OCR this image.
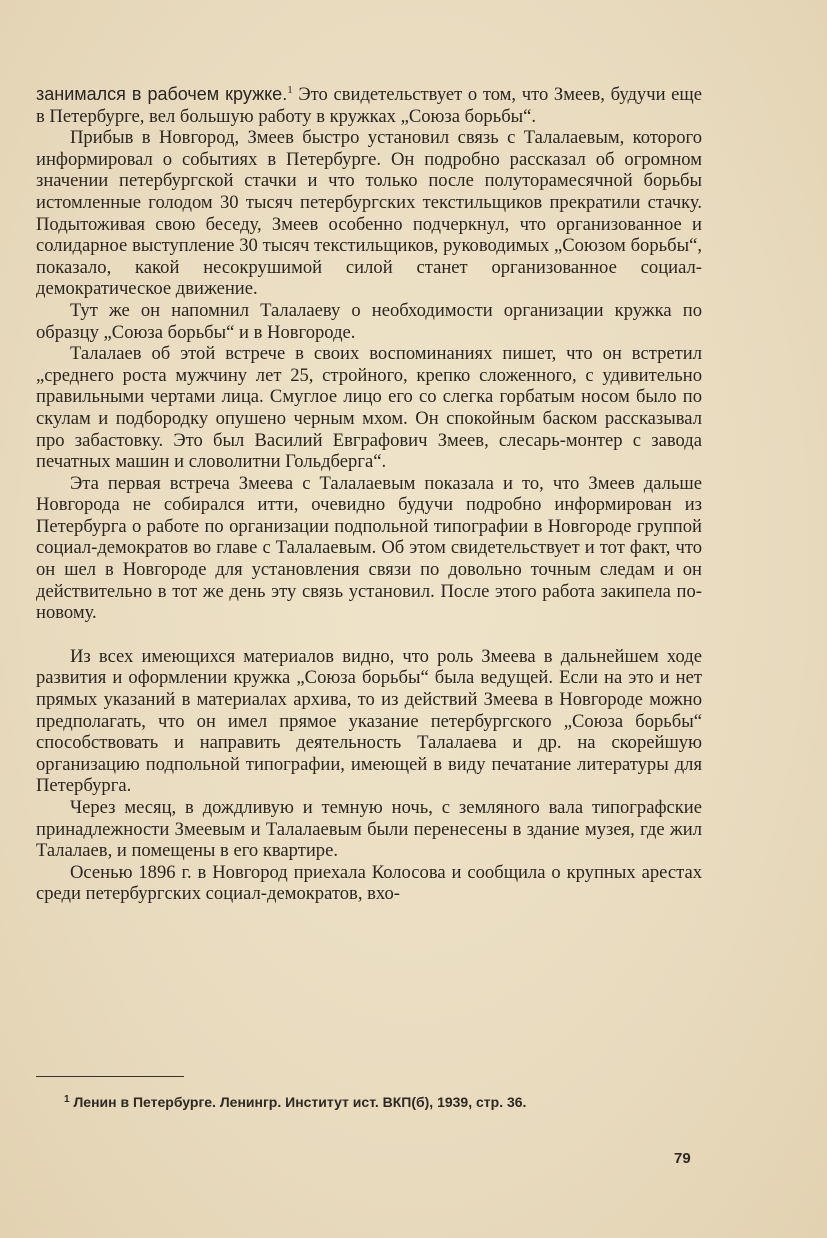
занимался в рабочем кружке.$^1$ Это свидетельствует о том, что Змеев, будучи еще в Петербурге, вел большую работу в кружках „Союза борьбы“.

Прибыв в Новгород, Змеев быстро установил связь с Талалаевым, которого информировал о событиях в Петербурге. Он подробно рассказал об огромном значении петербургской стачки и что только после полуторамесячной борьбы истомленные голодом 30 тысяч петербургских текстильщиков прекратили стачку. Подытоживая свою беседу, Змеев особенно подчеркнул, что организованное и солидарное выступление 30 тысяч текстильщиков, руководимых „Союзом борьбы“, показало, какой несокрушимой силой станет организованное социал-демократическое движение.

Тут же он напомнил Талалаеву о необходимости организации кружка по образцу „Союза борьбы“ и в Новгороде.

Талалаев об этой встрече в своих воспоминаниях пишет, что он встретил „среднего роста мужчину лет 25, стройного, крепко сложенного, с удивительно правильными чертами лица. Смуглое лицо его со слегка горбатым носом было по скулам и подбородку опушено черным мхом. Он спокойным баском рассказывал про забастовку. Это был Василий Евграфович Змеев, слесарь-монтер с завода печатных машин и словолитни Гольдберга“.

Эта первая встреча Змеева с Талалаевым показала и то, что Змеев дальше Новгорода не собирался итти, очевидно будучи подробно информирован из Петербурга о работе по организации подпольной типографии в Новгороде группой социал-демократов во главе с Талалаевым. Об этом свидетельствует и тот факт, что он шел в Новгороде для установления связи по довольно точным следам и он действительно в тот же день эту связь установил. После этого работа закипела по-новому.

Из всех имеющихся материалов видно, что роль Змеева в дальнейшем ходе развития и оформлении кружка „Союза борьбы“ была ведущей. Если на это и нет прямых указаний в материалах архива, то из действий Змеева в Новгороде можно предполагать, что он имел прямое указание петербургского „Союза борьбы“ способствовать и направить деятельность Талалаева и др. на скорейшую организацию подпольной типографии, имеющей в виду печатание литературы для Петербурга.

Через месяц, в дождливую и темную ночь, с земляного вала типографские принадлежности Змеевым и Талалаевым были перенесены в здание музея, где жил Талалаев, и помещены в его квартире.

Осенью 1896 г. в Новгород приехала Колосова и сообщила о крупных арестах среди петербургских социал-демократов, вхо-

$^1$ Ленин в Петербурге. Ленингр. Институт ист. ВКП(б), 1939, стр. 36.
79
